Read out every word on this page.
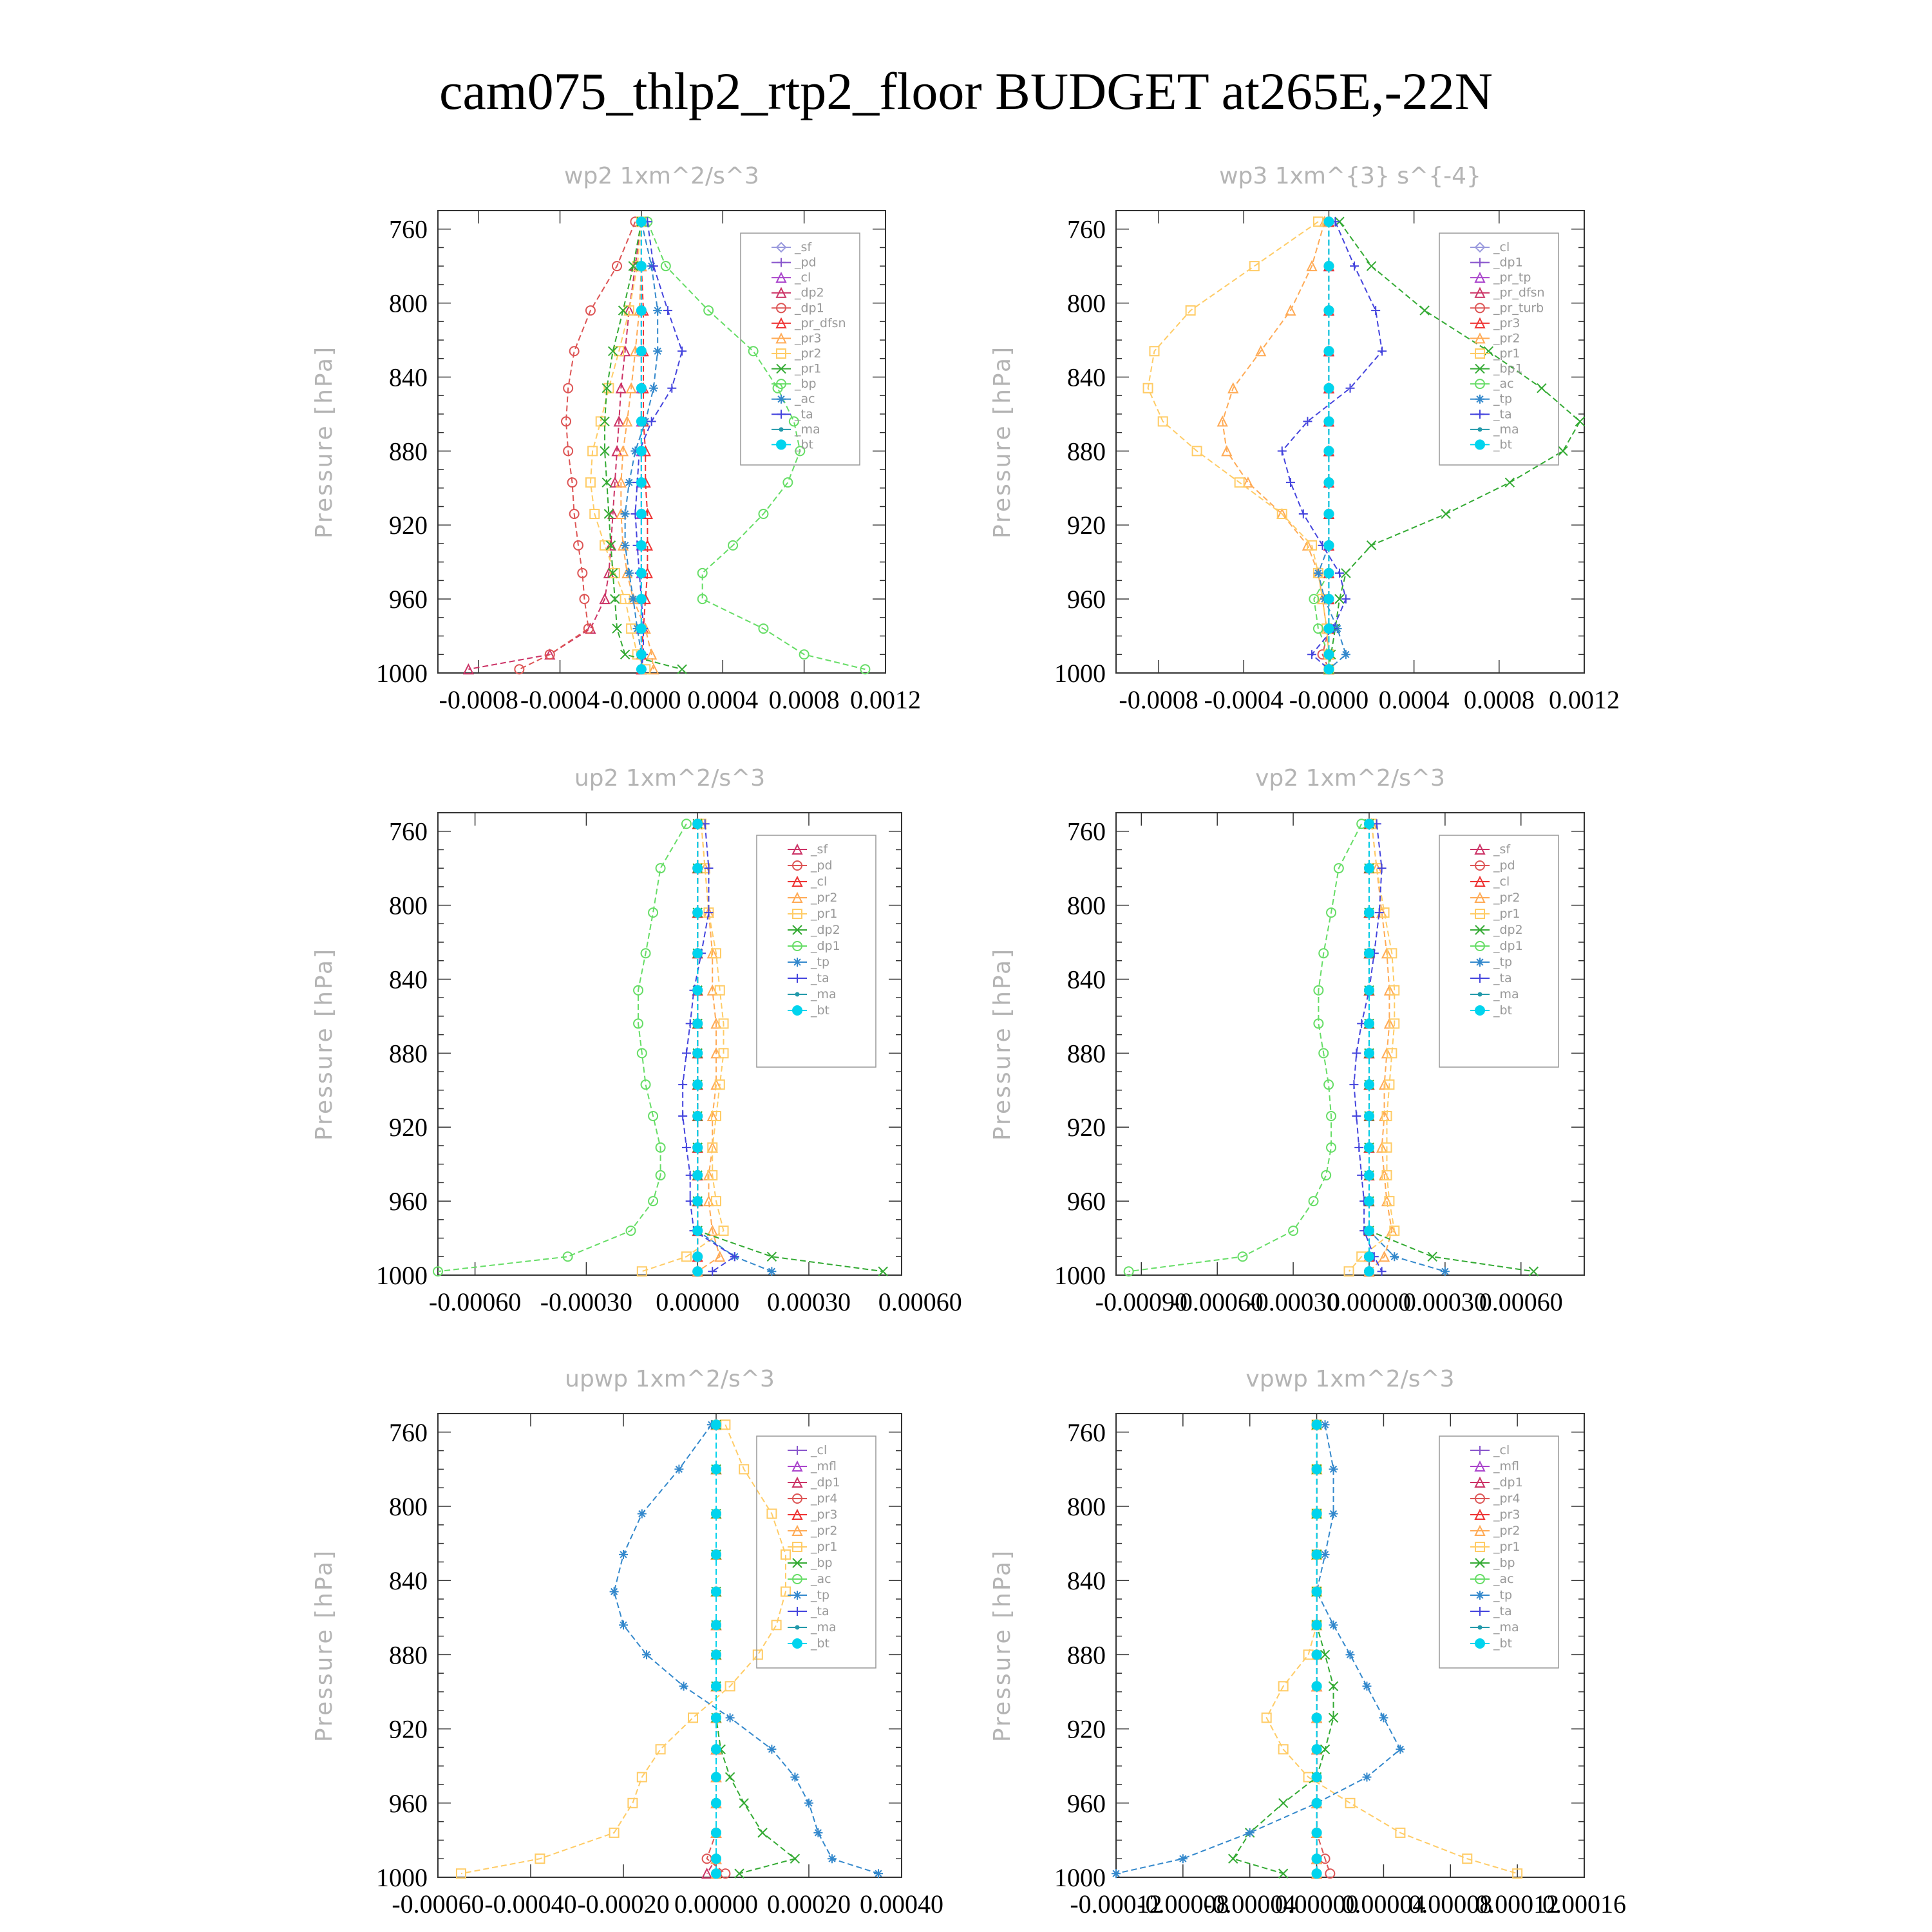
cam075_thlp2_rtp2_floor BUDGET at265E,-22N
760
800
840
880
920
960
1000
-0.0008 -0.0004 -0.0000 0.0004 0.0008 0.0012
wp2 1xm^2/s^3
Pressure [hPa]
_sf
_pd
_cl
_dp2
_dp1
_pr_dfsn
_pr3
_pr2
_pr1
_bp
_ac
_ta
_ma
_bt
760
800
840
880
920
960
1000
-0.0008 -0.0004 -0.0000 0.0004 0.0008 0.0012
wp3 1xm^{3} s^{-4}
Pressure [hPa]
_cl
_dp1
_pr_tp
_pr_dfsn
_pr_turb
_pr3
_pr2
_pr1
_bp1
_ac
_tp
_ta
_ma
_bt
760
800
840
880
920
960
1000
-0.00060 -0.00030 0.00000 0.00030 0.00060
up2 1xm^2/s^3
Pressure [hPa]
_sf
_pd
_cl
_pr2
_pr1
_dp2
_dp1
_tp
_ta
_ma
_bt
760
800
840
880
920
960
1000
-0.00090
-0.00060
-0.00030
0.00000
0.00030
0.00060
vp2 1xm^2/s^3
Pressure [hPa]
_sf
_pd
_cl
_pr2
_pr1
_dp2
_dp1
_tp
_ta
_ma
_bt
760
800
840
880
920
960
1000
-0.00060 -0.00040 -0.00020 0.00000 0.00020 0.00040
upwp 1xm^2/s^3
Pressure [hPa]
_cl
_mfl
_dp1
_pr4
_pr3
_pr2
_pr1
_bp
_ac
_tp
_ta
_ma
_bt
760
800
840
880
920
960
1000
-0.00012
-0.00008
-0.00004
0.00000
0.00004
0.00008
0.00012
0.00016
vpwp 1xm^2/s^3
Pressure [hPa]
_cl
_mfl
_dp1
_pr4
_pr3
_pr2
_pr1
_bp
_ac
_tp
_ta
_ma
_bt
